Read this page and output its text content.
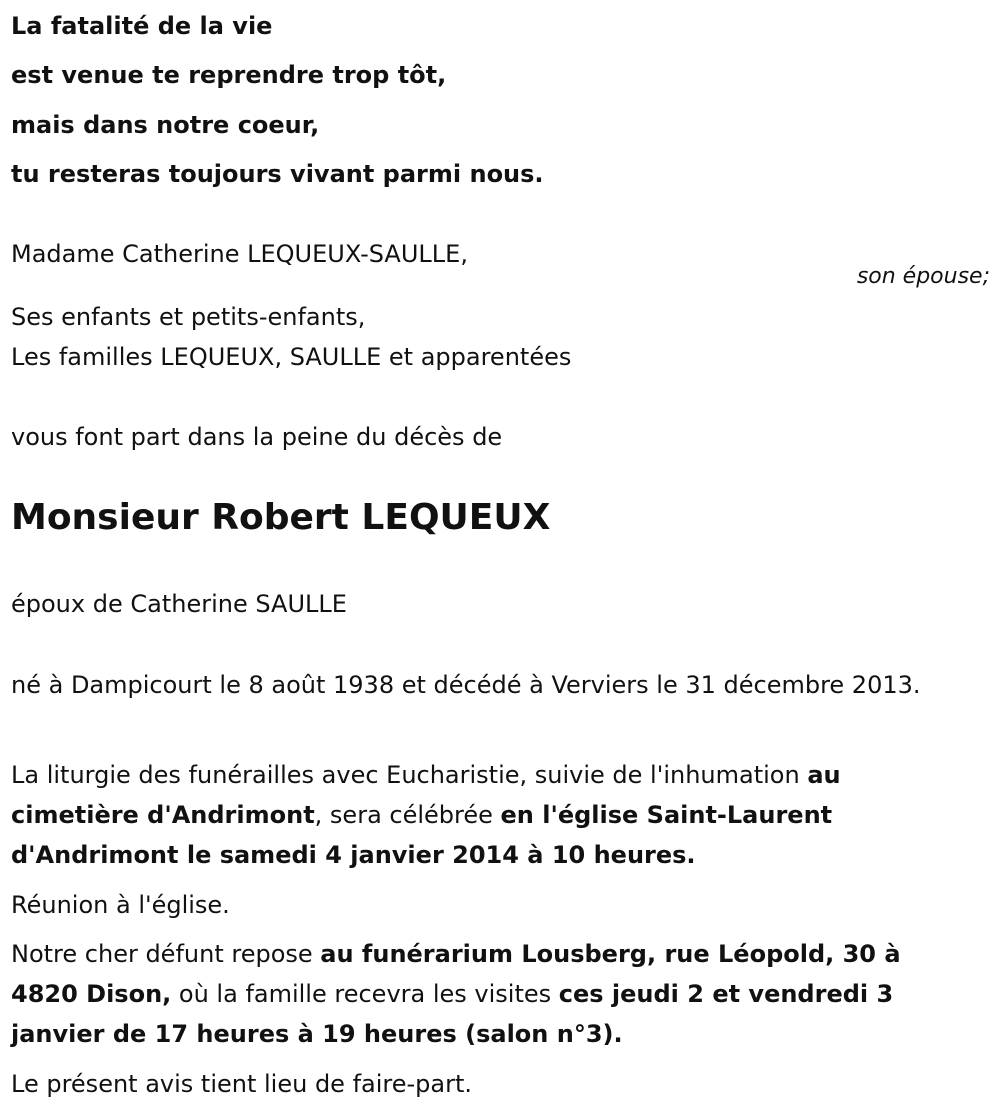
La fatalité de la vie

est venue te reprendre trop tôt,

mais dans notre coeur,

tu resteras toujours vivant parmi nous.

Madame Catherine LEQUEUX-SAULLE,

son épouse;

Ses enfants et petits-enfants,

Les familles LEQUEUX, SAULLE et apparentées

vous font part dans la peine du décès de

Monsieur Robert LEQUEUX

époux de Catherine SAULLE

né à Dampicourt le 8 août 1938 et décédé à Verviers le 31 décembre 2013.

La liturgie des funérailles avec Eucharistie, suivie de l'inhumation au cimetière d'Andrimont, sera célébrée en l'église Saint-Laurent d'Andrimont le samedi 4 janvier 2014 à 10 heures.

Réunion à l'église.

Notre cher défunt repose au funérarium Lousberg, rue Léopold, 30 à 4820 Dison, où la famille recevra les visites ces jeudi 2 et vendredi 3 janvier de 17 heures à 19 heures (salon n°3).

Le présent avis tient lieu de faire-part.
